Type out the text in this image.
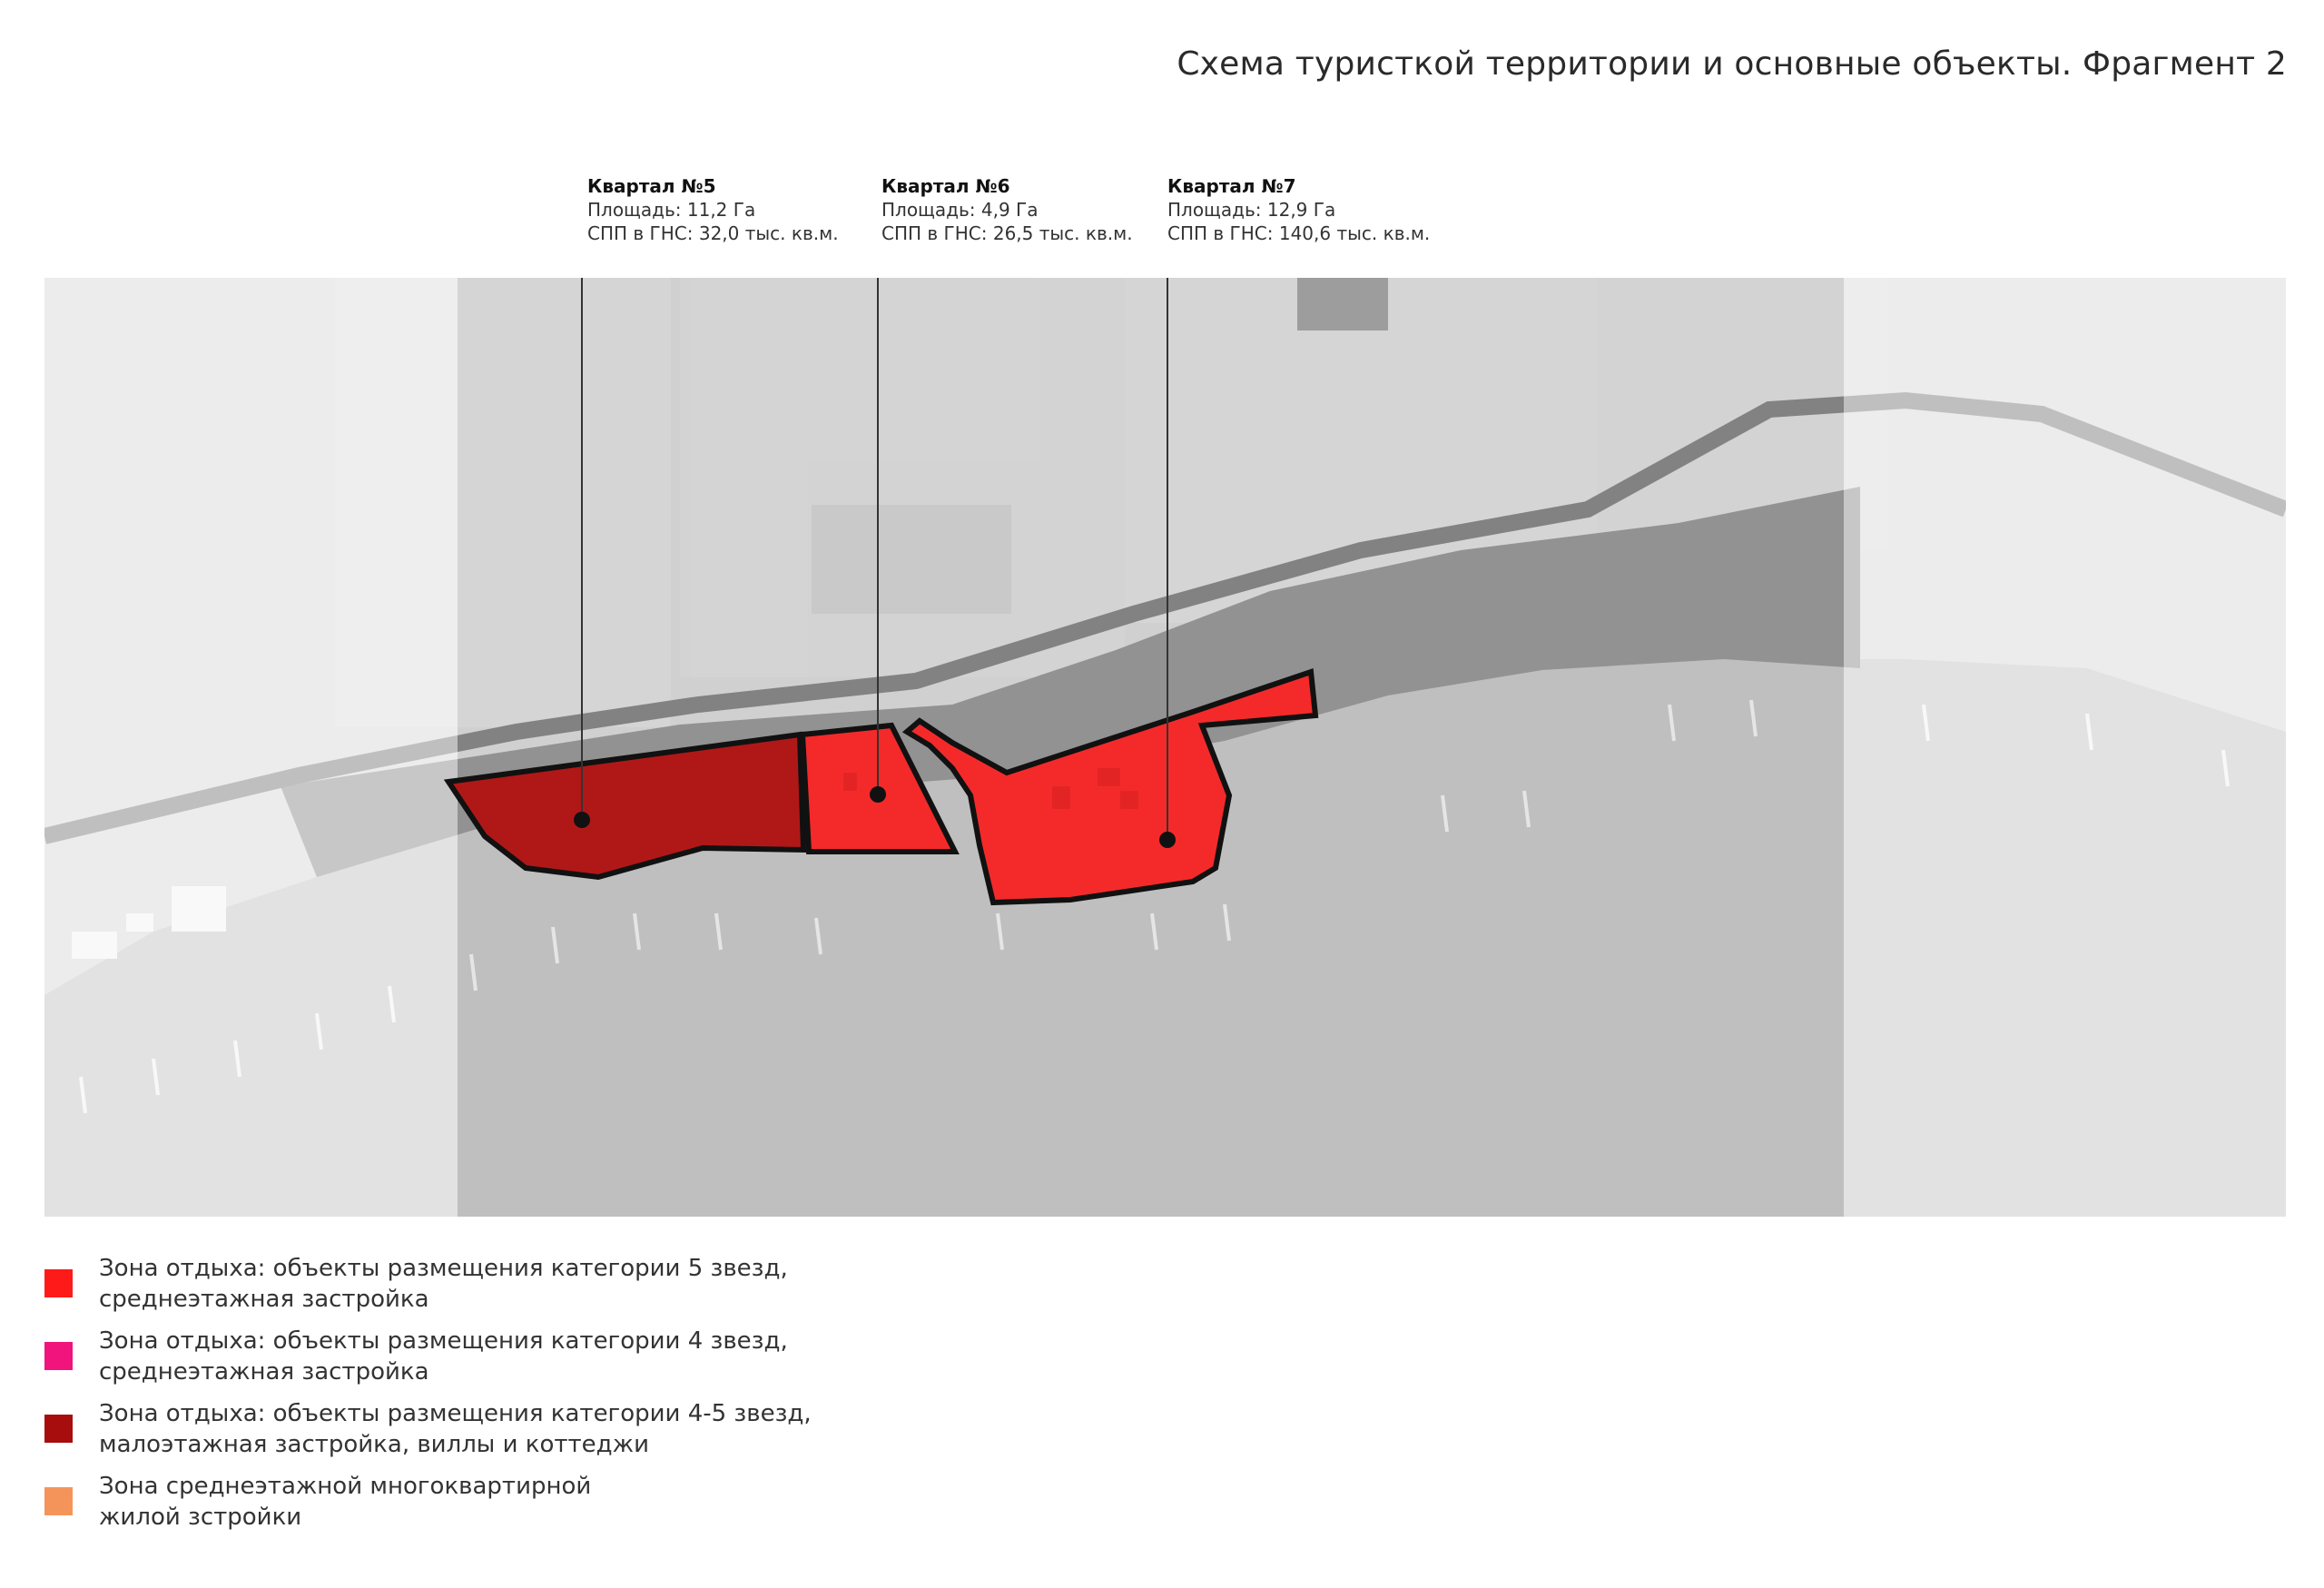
Схема туристкой территории и основные объекты. Фрагмент 2
Квартал №5
Площадь: 11,2 Га
СПП в ГНС: 32,0 тыс. кв.м.
Квартал №6
Площадь: 4,9 Га
СПП в ГНС: 26,5 тыс. кв.м.
Квартал №7
Площадь: 12,9 Га
СПП в ГНС: 140,6 тыс. кв.м.
Зона отдыха: объекты размещения категории 5 звезд,
среднеэтажная застройка
Зона отдыха: объекты размещения категории 4 звезд,
среднеэтажная застройка
Зона отдыха: объекты размещения категории 4-5 звезд,
малоэтажная застройка, виллы и коттеджи
Зона среднеэтажной многоквартирной
жилой зстройки
